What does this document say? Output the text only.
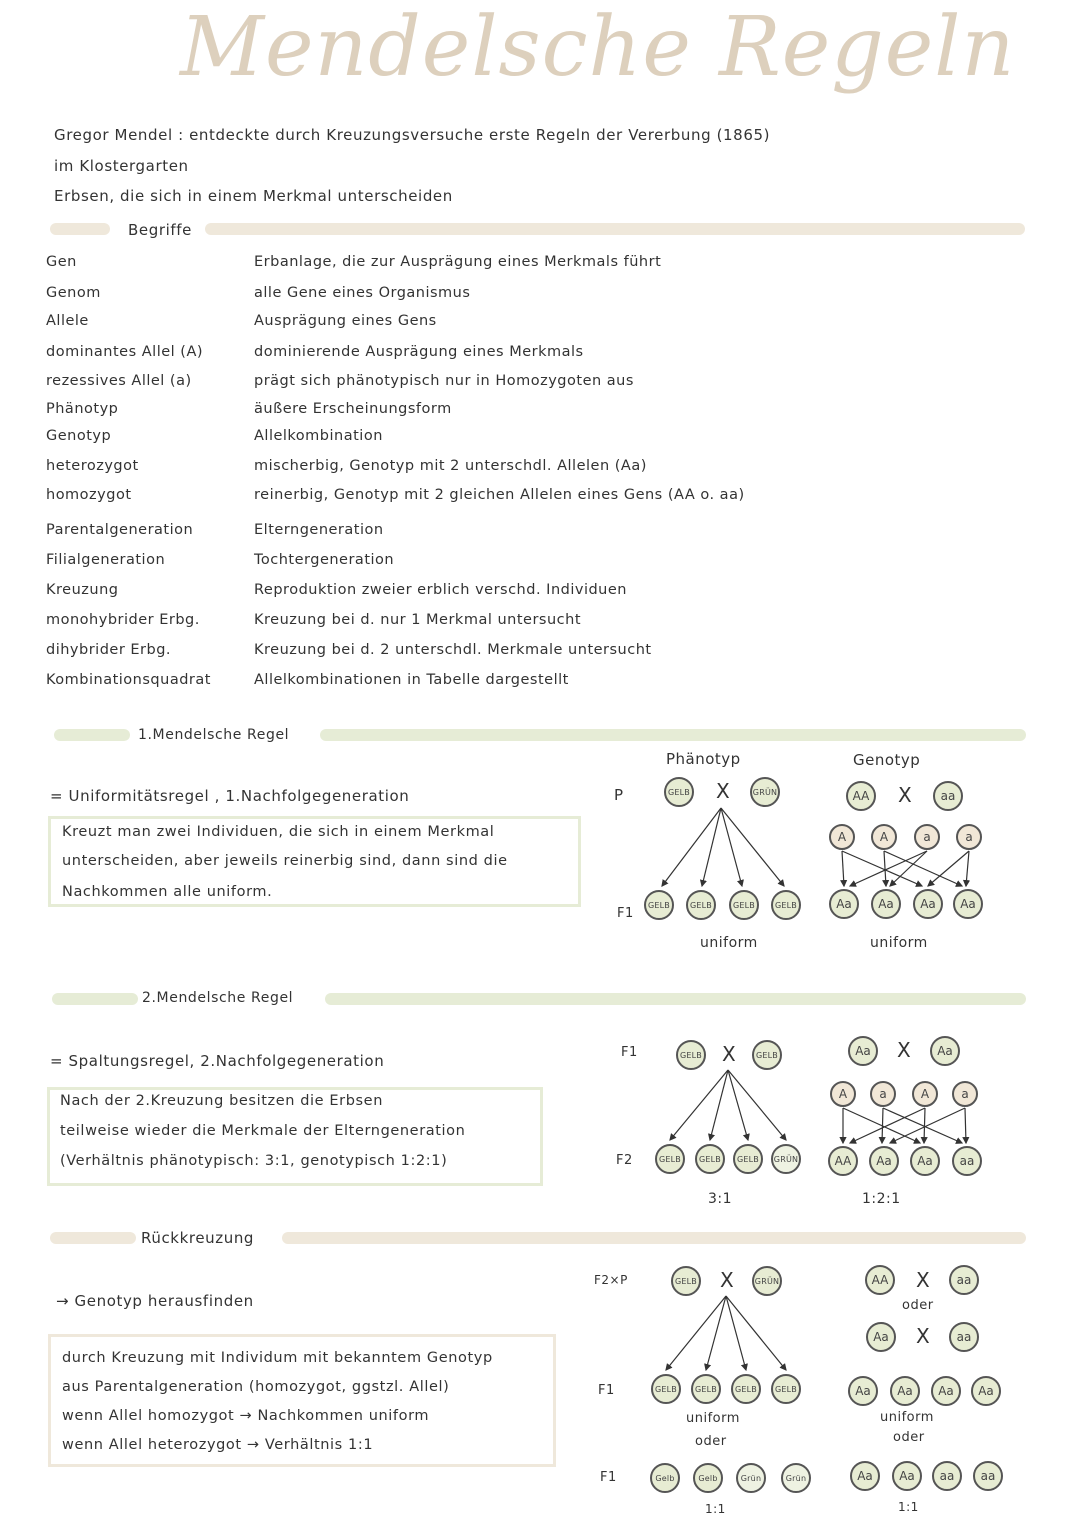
Mendelsche Regeln
Gregor Mendel : entdeckte durch Kreuzungsversuche erste Regeln der Vererbung (1865)
im Klostergarten
Erbsen, die sich in einem Merkmal unterscheiden
Begriffe
Gen	Erbanlage, die zur Ausprägung eines Merkmals führt
Genom	alle Gene eines Organismus
Allele	Ausprägung eines Gens
dominantes Allel (A)	dominierende Ausprägung eines Merkmals
rezessives Allel (a)	prägt sich phänotypisch nur in Homozygoten aus
Phänotyp	äußere Erscheinungsform
Genotyp	Allelkombination
heterozygot	mischerbig, Genotyp mit 2 unterschdl. Allelen (Aa)
homozygot	reinerbig, Genotyp mit 2 gleichen Allelen eines Gens (AA o. aa)
Parentalgeneration	Elterngeneration
Filialgeneration	Tochtergeneration
Kreuzung	Reproduktion zweier erblich verschd. Individuen
monohybrider Erbg.	Kreuzung bei d. nur 1 Merkmal untersucht
dihybrider Erbg.	Kreuzung bei d. 2 unterschdl. Merkmale untersucht
Kombinationsquadrat	Allelkombinationen in Tabelle dargestellt
1.Mendelsche Regel
= Uniformitätsregel , 1.Nachfolgegeneration
Kreuzt man zwei Individuen, die sich in einem Merkmal
unterscheiden, aber jeweils reinerbig sind, dann sind die
Nachkommen alle uniform.
Phänotyp	Genotyp
P
F1
GELB X	GRÜN
GELB	GELB	GELB	GELB
uniform
AA	X	aa
A	A	a	a
Aa	Aa	Aa	Aa
uniform
2.Mendelsche Regel
= Spaltungsregel, 2.Nachfolgegeneration
Nach der 2.Kreuzung besitzen die Erbsen
teilweise wieder die Merkmale der Elterngeneration
(Verhältnis phänotypisch: 3:1, genotypisch 1:2:1)
F1
F2
GELB X	GELB
GELB	GELB	GELB	GRÜN
3:1
Aa	X	Aa
A	a	A	a
AA	Aa	Aa	aa
1:2:1
Rückkreuzung
→ Genotyp herausfinden
durch Kreuzung mit Individum mit bekanntem Genotyp
aus Parentalgeneration (homozygot, ggstzl. Allel)
wenn Allel homozygot → Nachkommen uniform
wenn Allel heterozygot → Verhältnis 1:1
F2×P
F1
F1
GELB X	GRÜN
GELB	GELB	GELB	GELB
uniform
oder
Gelb	Gelb	Grün	Grün
1:1
AA	X	aa
oder
Aa	X	aa
Aa	Aa	Aa	Aa
uniform
oder
Aa	Aa	aa	aa
1:1
